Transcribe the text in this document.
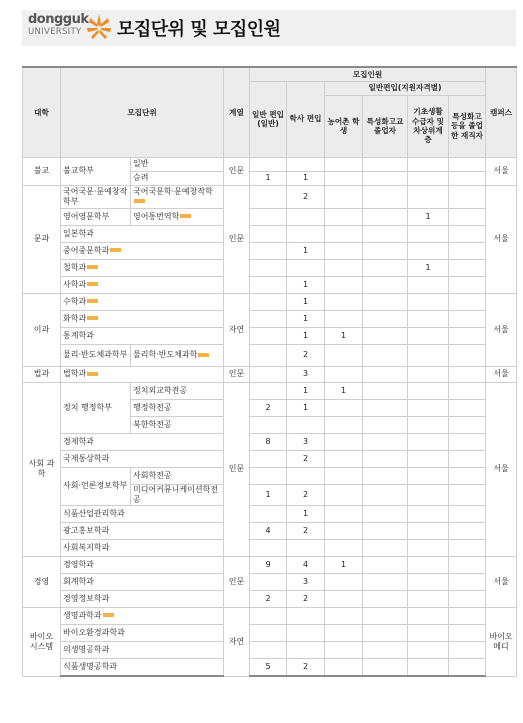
dongguk
UNIVERSITY 모집단위 및 모집인원
대학	모집단위		계열	모집인원						캠퍼스
				일반 편입 (일반)	학사 편입	일반편입(지원자격별)				
						농어촌 학생	특성화고교 졸업자	기초생활 수급자 및 차상위계층	특성화고 등을 졸업한 재직자	
불교	불교학부	일반	인문							서울
		승려		1	1					
문과	국어국문·문예창작학부	국어국문학·문예창작학	인문		2					서울
	영어영문학부	영어통번역학						1		
	일본학과									
	중어중문학과				1					
	철학과							1		
	사학과				1					
이과	수학과		자연		1					서울
	화학과				1					
	통계학과				1	1				
	물리·반도체과학부	물리학·반도체과학			2					
법과	법학과		인문		3					서울
사회 과학	정치 행정학부	정치외교학전공	인문		1	1				서울
		행정학전공		2	1					
		북한학전공								
	경제학과			8	3					
	국제통상학과				2					
	사회·언론정보학부	사회학전공								
		미디어커뮤니케이션학전공		1	2					
	식품산업관리학과				1					
	광고홍보학과			4	2					
	사회복지학과									
경영	경영학과		인문	9	4	1				서울
	회계학과				3					
	경영정보학과			2	2					
바이오 시스템	생명과학과		자연							바이오 메디
	바이오환경과학과									
	의생명공학과									
	식품생명공학과			5	2					
